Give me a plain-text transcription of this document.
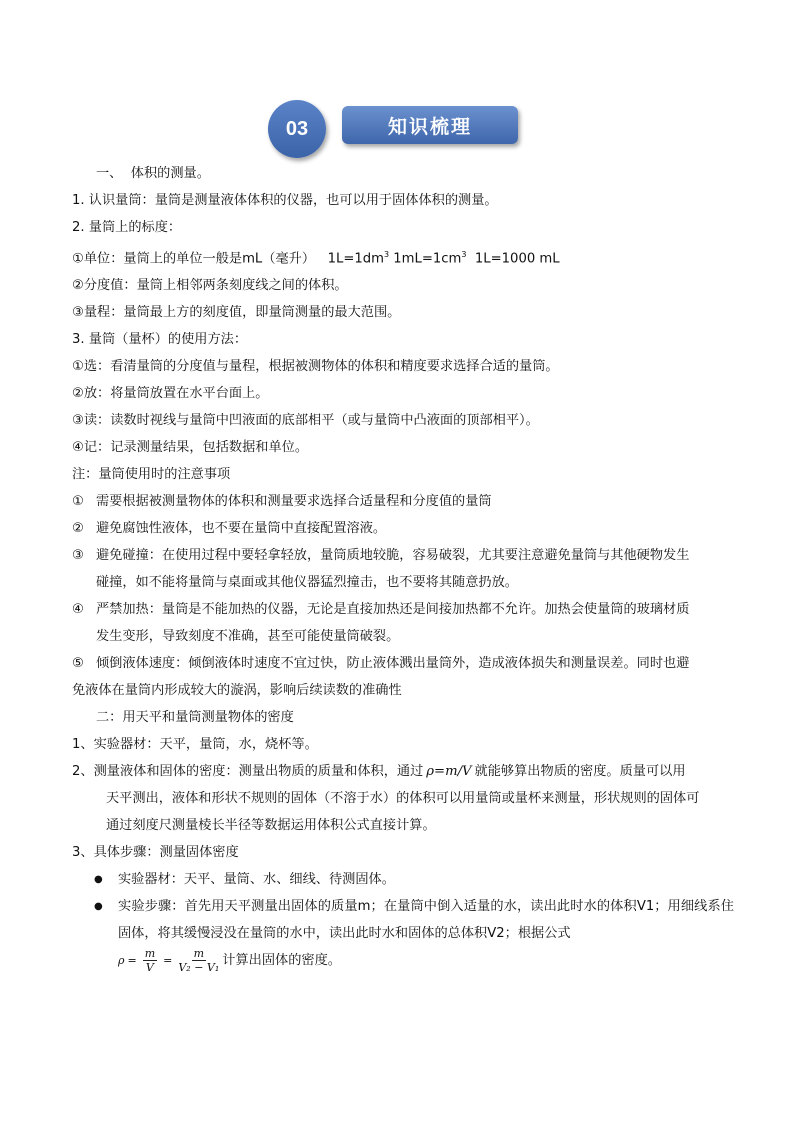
03	知识梳理
一、  体积的测量。
1. 认识量筒：量筒是测量液体体积的仪器，也可以用于固体体积的测量。
2. 量筒上的标度：
①单位：量筒上的单位一般是mL（毫升）   $1L=1dm^3$ $1mL=1cm^3$  1L=1000 mL
②分度值：量筒上相邻两条刻度线之间的体积。
③量程：量筒最上方的刻度值，即量筒测量的最大范围。
3. 量筒（量杯）的使用方法：
①选：看清量筒的分度值与量程，根据被测物体的体积和精度要求选择合适的量筒。
②放：将量筒放置在水平台面上。
③读：读数时视线与量筒中凹液面的底部相平（或与量筒中凸液面的顶部相平）。
④记：记录测量结果，包括数据和单位。
注：量筒使用时的注意事项
① 需要根据被测量物体的体积和测量要求选择合适量程和分度值的量筒
② 避免腐蚀性液体，也不要在量筒中直接配置溶液。
③ 避免碰撞：在使用过程中要轻拿轻放，量筒质地较脆，容易破裂，尤其要注意避免量筒与其他硬物发生
碰撞，如不能将量筒与桌面或其他仪器猛烈撞击，也不要将其随意扔放。
④ 严禁加热：量筒是不能加热的仪器，无论是直接加热还是间接加热都不允许。加热会使量筒的玻璃材质
发生变形，导致刻度不准确，甚至可能使量筒破裂。
⑤ 倾倒液体速度：倾倒液体时速度不宜过快，防止液体溅出量筒外，造成液体损失和测量误差。同时也避
免液体在量筒内形成较大的漩涡，影响后续读数的准确性
二：用天平和量筒测量物体的密度
1、实验器材：天平，量筒，水，烧杯等。
2、测量液体和固体的密度：测量出物质的质量和体积，通过 ρ=m/V 就能够算出物质的密度。质量可以用
天平测出，液体和形状不规则的固体（不溶于水）的体积可以用量筒或量杯来测量，形状规则的固体可
通过刻度尺测量棱长半径等数据运用体积公式直接计算。
3、具体步骤：测量固体密度
●	实验器材：天平、量筒、水、细线、待测固体。
●	实验步骤：首先用天平测量出固体的质量m；在量筒中倒入适量的水，读出此时水的体积V1；用细线系住固体，将其缓慢浸没在量筒的水中，读出此时水和固体的总体积V2；根据公式

$\rho = \frac{m}{V} = \frac{m}{\text{V₂ − V₁}}$ 计算出固体的密度。
